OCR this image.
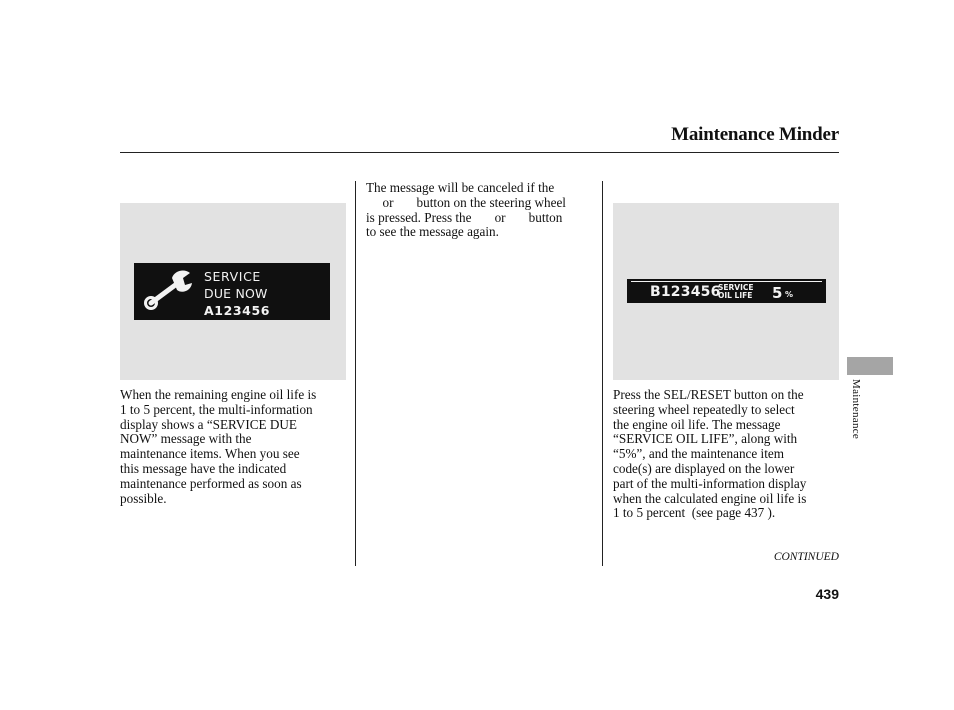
Maintenance Minder
SERVICE
DUE NOW
A123456
B123456
SERVICE
OIL LIFE 5 %
When the remaining engine oil life is
1 to 5 percent, the multi-information
display shows a “SERVICE DUE
NOW” message with the
maintenance items. When you see
this message have the indicated
maintenance performed as soon as
possible.
The message will be canceled if the
or       button on the steering wheel
is pressed. Press the       or       button
to see the message again.
Press the SEL/RESET button on the
steering wheel repeatedly to select
the engine oil life. The message
“SERVICE OIL LIFE”, along with
“5%”, and the maintenance item
code(s) are displayed on the lower
part of the multi-information display
when the calculated engine oil life is
1 to 5 percent  (see page 437 ).
CONTINUED
439
Maintenance
